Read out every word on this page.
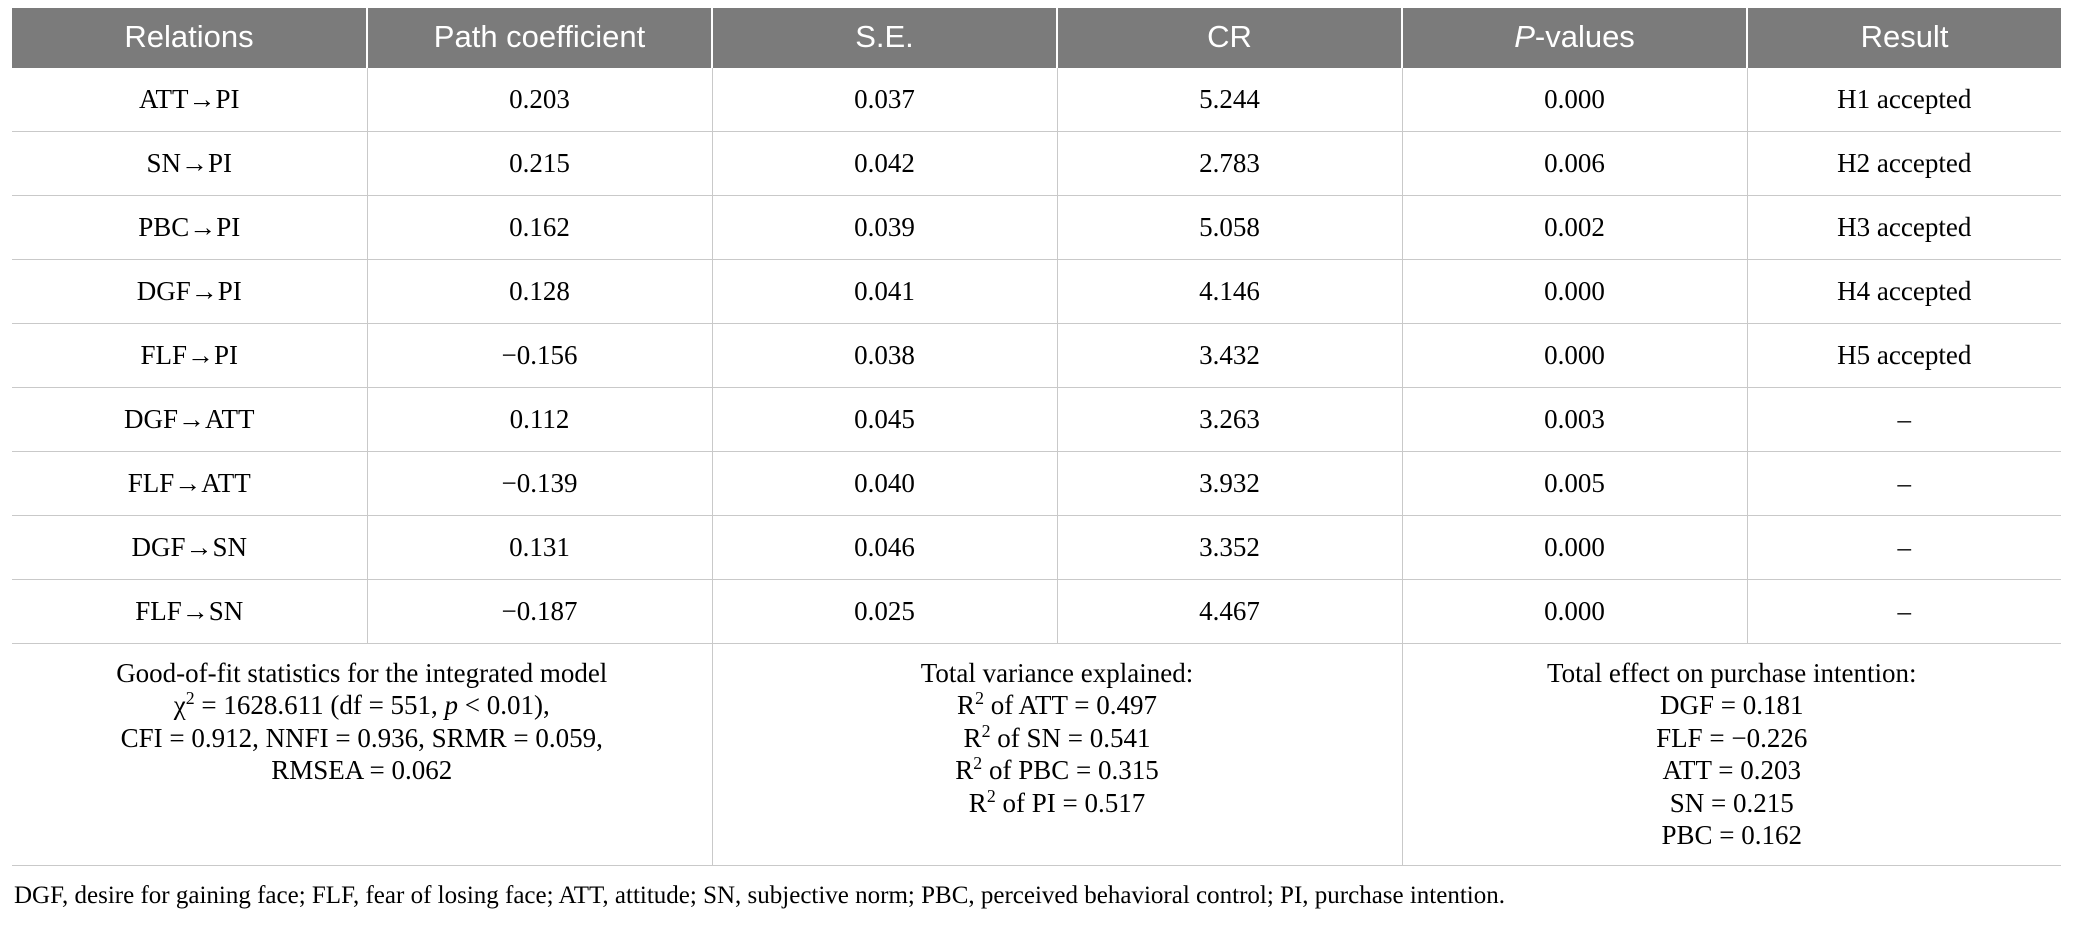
Relations	Path coefficient	S.E.	CR	P-values	Result
ATT→PI	0.203	0.037	5.244	0.000	H1 accepted
SN→PI	0.215	0.042	2.783	0.006	H2 accepted
PBC→PI	0.162	0.039	5.058	0.002	H3 accepted
DGF→PI	0.128	0.041	4.146	0.000	H4 accepted
FLF→PI	−0.156	0.038	3.432	0.000	H5 accepted
DGF→ATT	0.112	0.045	3.263	0.003	–
FLF→ATT	−0.139	0.040	3.932	0.005	–
DGF→SN	0.131	0.046	3.352	0.000	–
FLF→SN	−0.187	0.025	4.467	0.000	–

Good-of-fit statistics for the integrated model
$\chi^2 = 1628.611$ (df = 551, p < 0.01),
CFI = 0.912, NNFI = 0.936, SRMR = 0.059,
RMSEA = 0.062

Total variance explained:
$R^2$ of ATT = 0.497
$R^2$ of SN = 0.541
$R^2$ of PBC = 0.315
$R^2$ of PI = 0.517

Total effect on purchase intention:
DGF = 0.181
FLF = −0.226
ATT = 0.203
SN = 0.215
PBC = 0.162
DGF, desire for gaining face; FLF, fear of losing face; ATT, attitude; SN, subjective norm; PBC, perceived behavioral control; PI, purchase intention.
